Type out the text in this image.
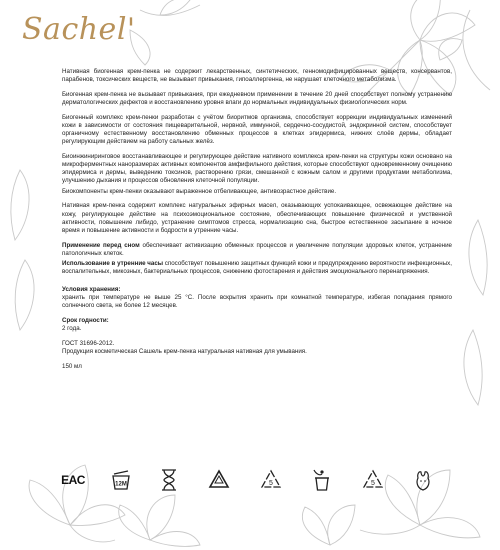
Sachel'

Нативная биогенная крем-пенка не содержит лекарственных, синтетических, генномодифицированных веществ, консервантов, парабенов, токсических веществ, не вызывает привыкания, гипоаллергенна, не нарушает клеточного метаболизма.

Биогенная крем-пенка не вызывает привыкания, при ежедневном применении в течение 20 дней способствует полному устранению дерматологических дефектов и восстановлению уровня влаги до нормальных индивидуальных физиологических норм.

Биогенный комплекс крем-пенки разработан с учётом биоритмов организма, способствует коррекции индивидуальных изменений кожи в зависимости от состояния пищеварительной, нервной, иммунной, сердечно-сосудистой, эндокринной систем, способствует органичному естественному восстановлению обменных процессов в клетках эпидермиса, нижних слоёв дермы, обладает регулирующим действием на работу сальных желёз.

Биоинжиниринговое восстанавливающее и регулирующее действие нативного комплекса крем-пенки на структуры кожи основано на микроферментных наноразмерах активных компонентов амфифильного действия, которые способствуют одновременному очищению эпидермиса и дермы, выведению токсинов, растворению грязи, смешанной с кожным салом и другими продуктами метаболизма, улучшению дыхания и процессов обновления клеточной популяции.

Биокомпоненты крем-пенки оказывают выраженное отбеливающее, антивозрастное действие.

Нативная крем-пенка содержит комплекс натуральных эфирных масел, оказывающих успокаивающее, освежающее действие на кожу, регулирующее действие на психоэмоциональное состояние, обеспечивающих повышение физической и умственной активности, повышение либидо, устранение симптомов стресса, нормализацию сна, быстрое естественное засыпание в ночное время и повышение активности и бодрости в утренние часы.

Применение перед сном обеспечивает активизацию обменных процессов и увеличение популяции здоровых клеток, устранение патологичных клеток.

Использование в утренние часы способствует повышению защитных функций кожи и предупреждению вероятности инфекционных, воспалительных, микозных, бактериальных процессов, снижению фотостарения и действия эмоционального перенапряжения.

Условия хранения:
хранить при температуре не выше 25 °С. После вскрытия хранить при комнатной температуре, избегая попадания прямого солнечного света, не более 12 месяцев.

Срок годности:
2 года.

ГОСТ 31696-2012.
Продукция косметическая Сашель крем-пенка натуральная нативная для умывания.

150 мл

EAC	12M	5	5
